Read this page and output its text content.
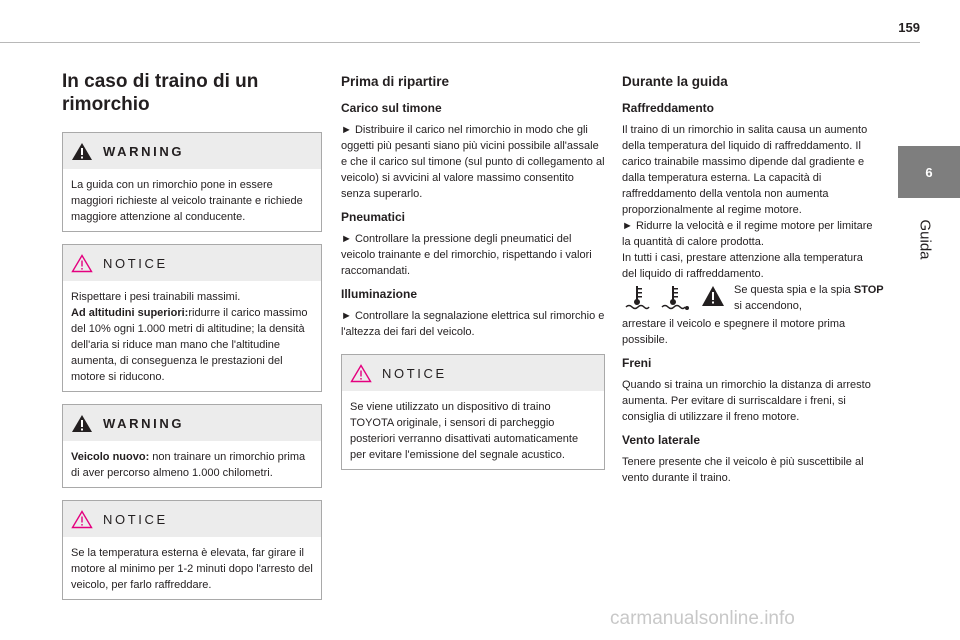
159
6
Guida
In caso di traino di un rimorchio
WARNING

La guida con un rimorchio pone in essere maggiori richieste al veicolo trainante e richiede maggiore attenzione al conducente.

NOTICE

Rispettare i pesi trainabili massimi.

Ad altitudini superiori:ridurre il carico massimo del 10% ogni 1.000 metri di altitudine; la densità dell'aria si riduce man mano che l'altitudine aumenta, di conseguenza le prestazioni del motore si riducono.

WARNING

Veicolo nuovo: non trainare un rimorchio prima di aver percorso almeno 1.000 chilometri.

NOTICE

Se la temperatura esterna è elevata, far girare il motore al minimo per 1-2 minuti dopo l'arresto del veicolo, per farlo raffreddare.

Prima di ripartire
Carico sul timone

► Distribuire il carico nel rimorchio in modo che gli oggetti più pesanti siano più vicini possibile all'assale e che il carico sul timone (sul punto di collegamento al veicolo) si avvicini al valore massimo consentito senza superarlo.

Pneumatici

► Controllare la pressione degli pneumatici del veicolo trainante e del rimorchio, rispettando i valori raccomandati.

Illuminazione

► Controllare la segnalazione elettrica sul rimorchio e l'altezza dei fari del veicolo.

NOTICE

Se viene utilizzato un dispositivo di traino TOYOTA originale, i sensori di parcheggio posteriori verranno disattivati automaticamente per evitare l'emissione del segnale acustico.

Durante la guida
Raffreddamento

Il traino di un rimorchio in salita causa un aumento della temperatura del liquido di raffreddamento. Il carico trainabile massimo dipende dal gradiente e dalla temperatura esterna. La capacità di raffreddamento della ventola non aumenta proporzionalmente al regime motore.
► Ridurre la velocità e il regime motore per limitare la quantità di calore prodotta.
In tutti i casi, prestare attenzione alla temperatura del liquido di raffreddamento.

Se questa spia e la spia STOP si accendono,

arrestare il veicolo e spegnere il motore prima possibile.

Freni

Quando si traina un rimorchio la distanza di arresto aumenta. Per evitare di surriscaldare i freni, si consiglia di utilizzare il freno motore.

Vento laterale

Tenere presente che il veicolo è più suscettibile al vento durante il traino.

carmanualsonline.info
